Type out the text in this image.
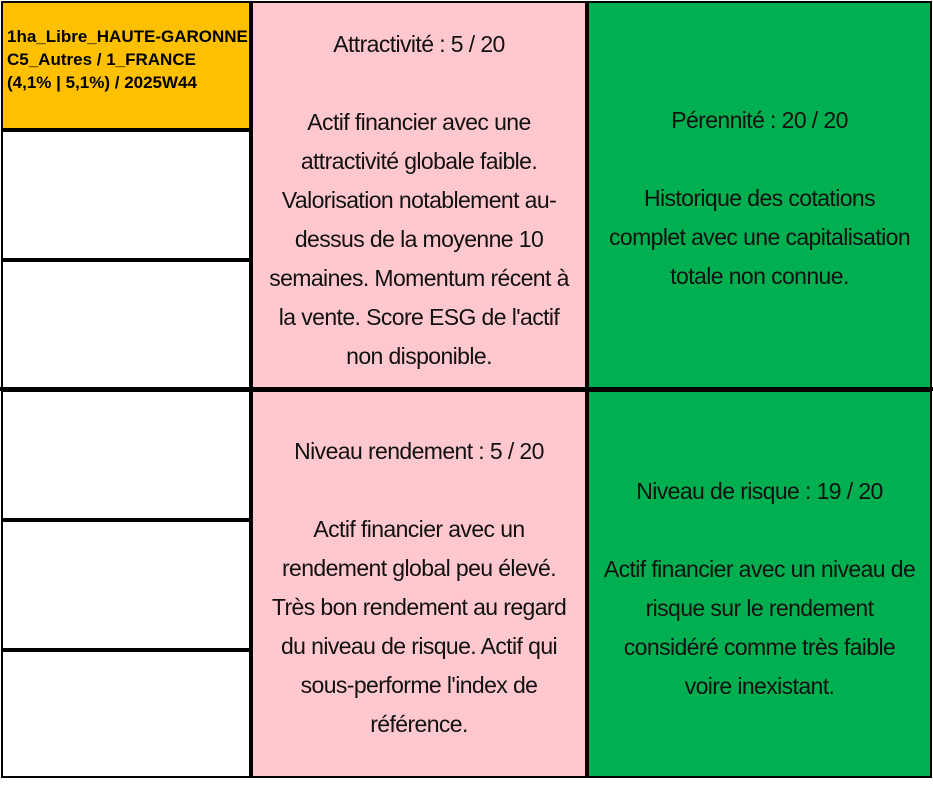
1ha_Libre_HAUTE-GARONNE
C5_Autres / 1_FRANCE
(4,1% | 5,1%) / 2025W44
Attractivité : 5 / 20
Actif financier avec une
attractivité globale faible.
Valorisation notablement au-
dessus de la moyenne 10
semaines. Momentum récent à
la vente. Score ESG de l'actif
non disponible.
Pérennité : 20 / 20
Historique des cotations
complet avec une capitalisation
totale non connue.
Niveau rendement : 5 / 20
Actif financier avec un
rendement global peu élevé.
Très bon rendement au regard
du niveau de risque. Actif qui
sous-performe l'index de
référence.
Niveau de risque : 19 / 20
Actif financier avec un niveau de
risque sur le rendement
considéré comme très faible
voire inexistant.
